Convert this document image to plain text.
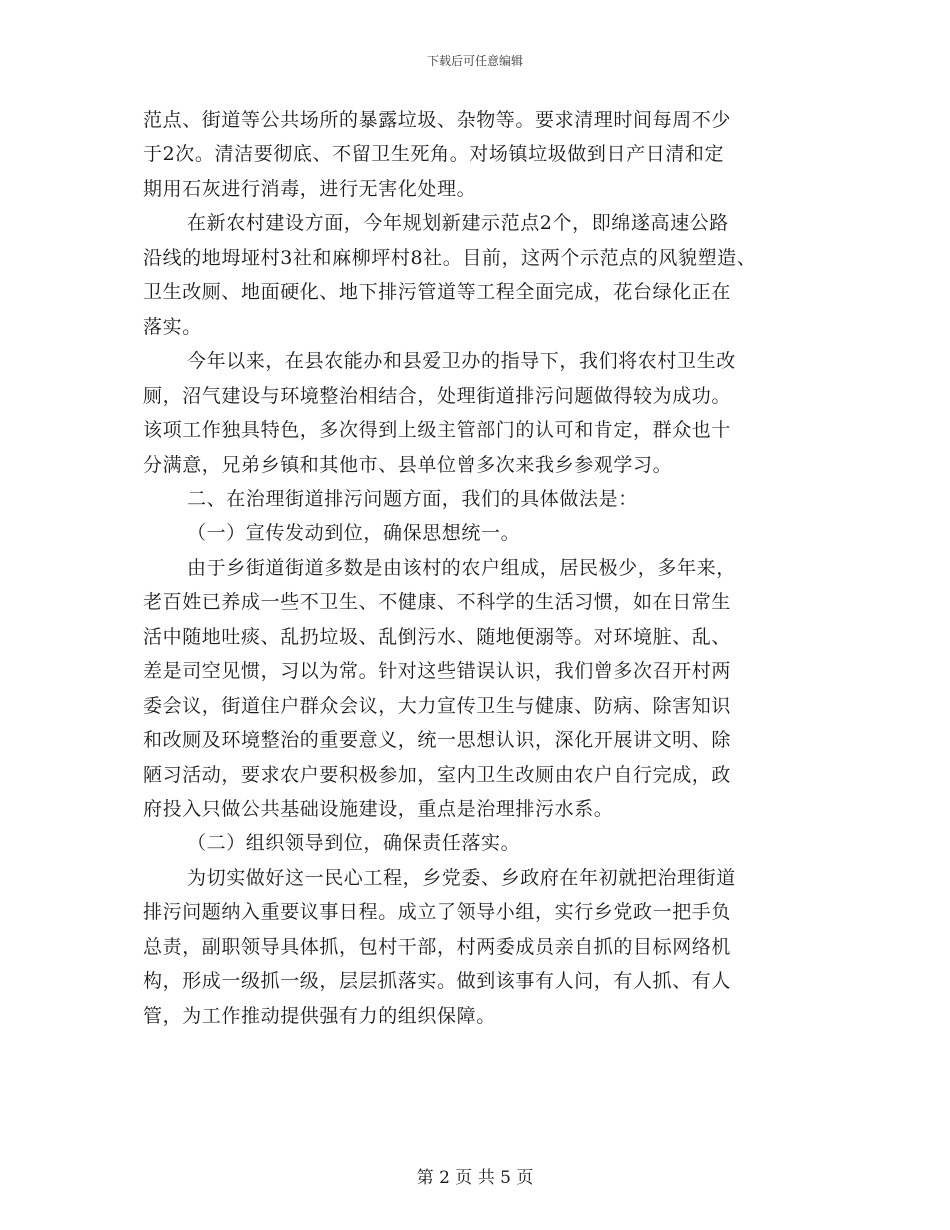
下载后可任意编辑
范点、街道等公共场所的暴露垃圾、杂物等。要求清理时间每周不少
于2次。清洁要彻底、不留卫生死角。对场镇垃圾做到日产日清和定
期用石灰进行消毒，进行无害化处理。
在新农村建设方面，今年规划新建示范点2个，即绵遂高速公路
沿线的地坶垭村3社和麻柳坪村8社。目前，这两个示范点的风貌塑造、
卫生改厕、地面硬化、地下排污管道等工程全面完成，花台绿化正在
落实。
今年以来，在县农能办和县爱卫办的指导下，我们将农村卫生改
厕，沼气建设与环境整治相结合，处理街道排污问题做得较为成功。
该项工作独具特色，多次得到上级主管部门的认可和肯定，群众也十
分满意，兄弟乡镇和其他市、县单位曾多次来我乡参观学习。
二、在治理街道排污问题方面，我们的具体做法是：
（一）宣传发动到位，确保思想统一。
由于乡街道街道多数是由该村的农户组成，居民极少，多年来，
老百姓已养成一些不卫生、不健康、不科学的生活习惯，如在日常生
活中随地吐痰、乱扔垃圾、乱倒污水、随地便溺等。对环境脏、乱、
差是司空见惯，习以为常。针对这些错误认识，我们曾多次召开村两
委会议，街道住户群众会议，大力宣传卫生与健康、防病、除害知识
和改厕及环境整治的重要意义，统一思想认识，深化开展讲文明、除
陋习活动，要求农户要积极参加，室内卫生改厕由农户自行完成，政
府投入只做公共基础设施建设，重点是治理排污水系。
（二）组织领导到位，确保责任落实。
为切实做好这一民心工程，乡党委、乡政府在年初就把治理街道
排污问题纳入重要议事日程。成立了领导小组，实行乡党政一把手负
总责，副职领导具体抓，包村干部，村两委成员亲自抓的目标网络机
构，形成一级抓一级，层层抓落实。做到该事有人问，有人抓、有人
管，为工作推动提供强有力的组织保障。
第 2 页 共 5 页
